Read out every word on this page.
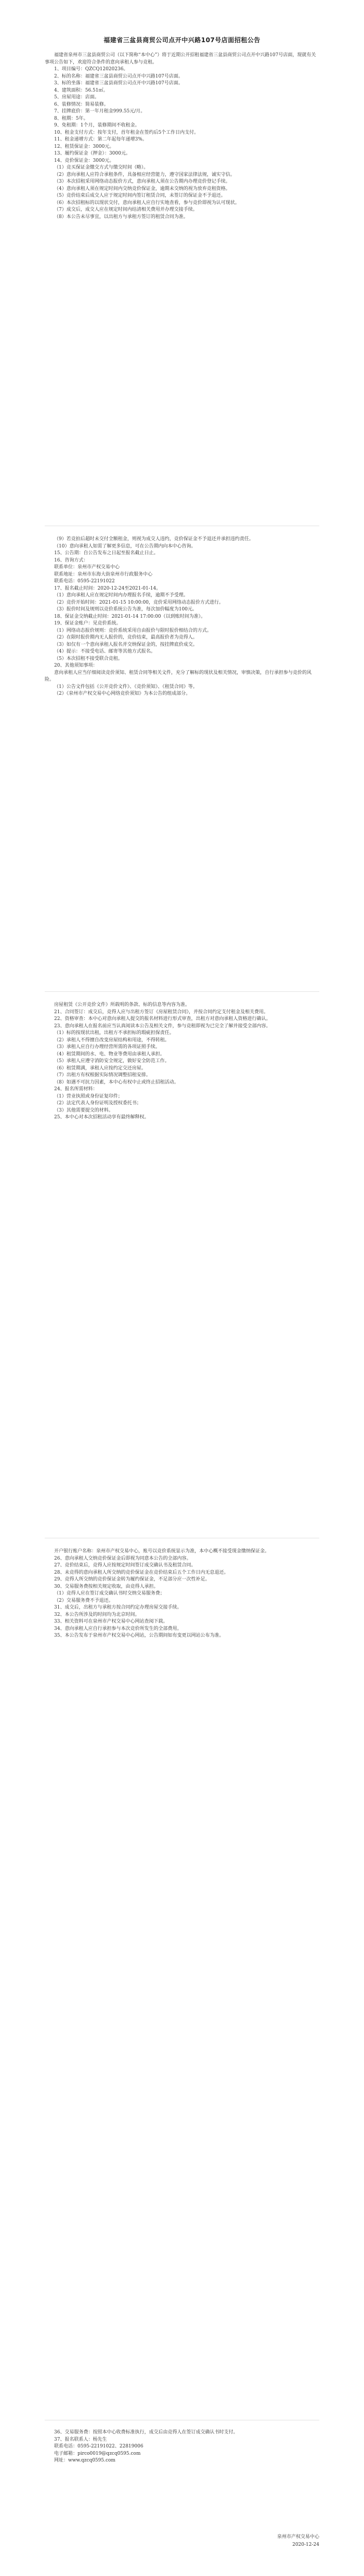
福建省三盆县商贸公司点开中兴路107号店面招租公告

福建省泉州市三盆县商贸公司（以下简称“本中心”）将于近期公开招租福建省三盆县商贸公司点开中兴路107号店面，现就有关事项公告如下，欢迎符合条件的意向承租人参与竞租。

1、项目编号：QZCQ12020236。

2、标的名称：福建省三盆县商贸公司点开中兴路107号店面。

3、标的坐落：福建省三盆县商贸公司点开中兴路107号店面。

4、建筑面积：56.51㎡。

5、房屋用途：店面。

6、装修情况：简易装修。

7、挂牌底价：第一年月租金999.55元/月。

8、租期：5年。

9、免租期：1个月，装修期间不收租金。

10、租金支付方式：按年支付，首年租金在签约后5个工作日内支付。

11、租金递增方式：第二年起每年递增3%。

12、租赁保证金：3000元。

13、履约保证金（押金）：3000元。

14、竞价保证金：3000元。

（1）竞买保证金缴交方式与缴交时间（略）。

（2）意向承租人应符合承租条件，具备相应经营能力，遵守国家法律法规，诚实守信。

（3）本次招租采用网络动态报价方式，意向承租人须在公告期内办理竞价登记手续。

（4）意向承租人须在规定时间内交纳竞价保证金，逾期未交纳的视为放弃竞租资格。

（5）竞价结束后成交人应于规定时间内签订租赁合同，未签订的保证金不予退还。

（6）本次招租标的以现状交付，意向承租人应自行实地查看，参与竞价即视为认可现状。

（7）成交后，成交人应在规定时间内结清相关费用并办理交接手续。

（8）本公告未尽事宜，以出租方与承租方签订的租赁合同为准。

（9）若竞拍后超时未交付全额租金，则视为成交人违约，竞价保证金不予退还并承担违约责任。

（10）意向承租人如需了解更多信息，可在公告期内向本中心咨询。

15、公告期：自公告发布之日起至报名截止日止。

16、咨询方式：

联系单位：泉州市产权交易中心

联系地址：泉州市东海大街泉州市行政服务中心

联系电话：0595-22191022

17、报名截止时间：2020-12-24至2021-01-14。

（1）意向承租人应在规定时间内办理报名手续，逾期不予受理。

（2）竞价开始时间：2021-01-15 10:00:00，竞价采用网络动态报价方式进行。

（3）报价时间及规则以竞价系统公告为准，每次加价幅度为100元。

18、保证金交纳截止时间：2021-01-14 17:00:00（以到账时间为准）。

19、保证金账户：见竞价系统。

（1）网络动态报价规则：竞价系统采用自由报价与限时报价相结合的方式。

（2）在限时报价期内无人报价的，竞价结束，最高报价者为竞得人。

（3）如仅有一个意向承租人报名并交纳保证金的，按挂牌底价成交。

（4）提示：不接受电话、邮寄等其他方式报名。

（5）本次招租不接受联合竞租。

20、其他须知事项：

意向承租人应当仔细阅读竞价须知、租赁合同等相关文件，充分了解标的现状及相关情况，审慎决策，自行承担参与竞价的风险。

（1）公告文件包括《公开竞价文件》、《竞价须知》、《租赁合同》等。

（2）《泉州市产权交易中心网络竞价须知》为本公告的组成部分。

房屋租赁《公开竞价文件》所载明的条款、标的信息等内容为准。

21、合同签订：成交后，竞得人应与出租方签订《房屋租赁合同》，并按合同约定支付租金及相关费用。

22、资格审查：本中心对意向承租人提交的报名材料进行形式审查，出租方对意向承租人资格进行确认。

23、意向承租人在报名前应当认真阅读本公告及相关文件，参与竞租即视为已完全了解并接受全部内容。

（1）标的按现状出租，出租方不承担标的瑕疵担保责任。

（2）承租人不得擅自改变房屋结构和用途，不得转租。

（3）承租人应自行办理经营所需的各项证照手续。

（4）租赁期间的水、电、物业等费用由承租人承担。

（5）承租人应遵守消防安全规定，做好安全防范工作。

（6）租赁期满，承租人应按约定交还房屋。

（7）出租方有权根据实际情况调整招租安排。

（8）如遇不可抗力因素，本中心有权中止或终止招租活动。

24、报名所需材料：

（1）营业执照或身份证复印件；

（2）法定代表人身份证明及授权委托书；

（3）其他需要提交的材料。

25、本中心对本次招租活动享有最终解释权。

开户银行账户名称：泉州市产权交易中心，账号以竞价系统显示为准，本中心概不接受现金缴纳保证金。

26、意向承租人交纳竞价保证金后即视为同意本公告的全部内容。

27、竞价结束后，竞得人应按规定时间签订成交确认书及租赁合同。

28、未竞得的意向承租人所交纳的竞价保证金在竞价结束后五个工作日内无息退还。

29、竞得人所交纳的竞价保证金转为履约保证金，不足部分应一次性补足。

30、交易服务费按相关规定收取，由竞得人承担。

（1）竞得人应在签订成交确认书时交纳交易服务费；

（2）交易服务费不予退还。

31、成交后，出租方与承租方按合同约定办理房屋交接手续。

32、本公告所涉及的时间均为北京时间。

33、相关资料可在泉州市产权交易中心网站查阅下载。

34、意向承租人应自行承担参与本次竞价所发生的全部费用。

35、本公告发布于泉州市产权交易中心网站，公告期间如有变更以网站公布为准。

36、交易服务费：按照本中心收费标准执行，成交后由竞得人在签订成交确认书时支付。

37、报名联系人：杨先生

联系电话：0595-22191022、22819006

电子邮箱：pirco0019@qzcq0595.com

网址：www.qzcq0595.com

泉州市产权交易中心
2020-12-24
